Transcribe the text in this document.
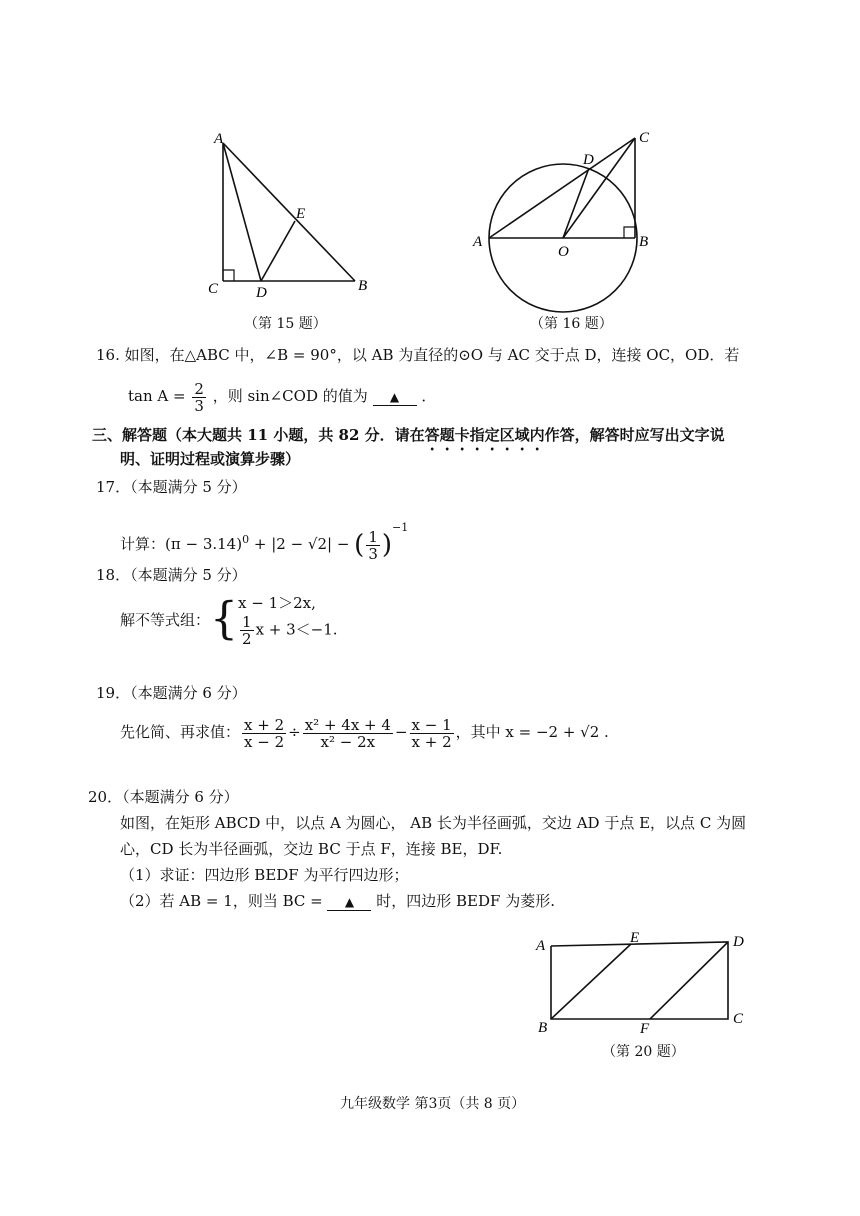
A
C	D
E
B
（第 15 题）
A	B
C
D
O
（第 16 题）
16. 如图，在△ABC 中，∠B = 90°，以 AB 为直径的⊙O 与 AC 交于点 D，连接 OC，OD．若
$\tan A = \frac{2}{3}$ ，则 sin∠COD 的值为 ▲ ．
三、解答题（本大题共 11 小题，共 82 分．请在答题卡指定区域内作答，解答时应写出文字说
明、证明过程或演算步骤）
17．（本题满分 5 分）
计算：$(\pi - 3.14)^0 + |2 - √2|$ − ( $\frac{1}{3} )^{-1}$
18．（本题满分 5 分）
解不等式组：{ x − 1＞2x,
$\frac{1}{2}$ x + 3＜−1.
19．（本题满分 6 分）
先化简、再求值： $\frac{x + 2}{x - 2} \div \frac{\text{x² + 4x + 4}}{\text{x² − 2x}} - \frac{x - 1}{x + 2}$ ，其中 x = −2 + √2 .
20．（本题满分 6 分）
如图，在矩形 ABCD 中，以点 A 为圆心， AB 长为半径画弧，交边 AD 于点 E，以点 C 为圆
心，CD 长为半径画弧，交边 BC 于点 F，连接 BE，DF.
（1）求证：四边形 BEDF 为平行四边形；
（2）若 AB = 1，则当 BC = ▲ 时，四边形 BEDF 为菱形.
A	E	D
C
B	F
（第 20 题）
九年级数学 第3页（共 8 页）
